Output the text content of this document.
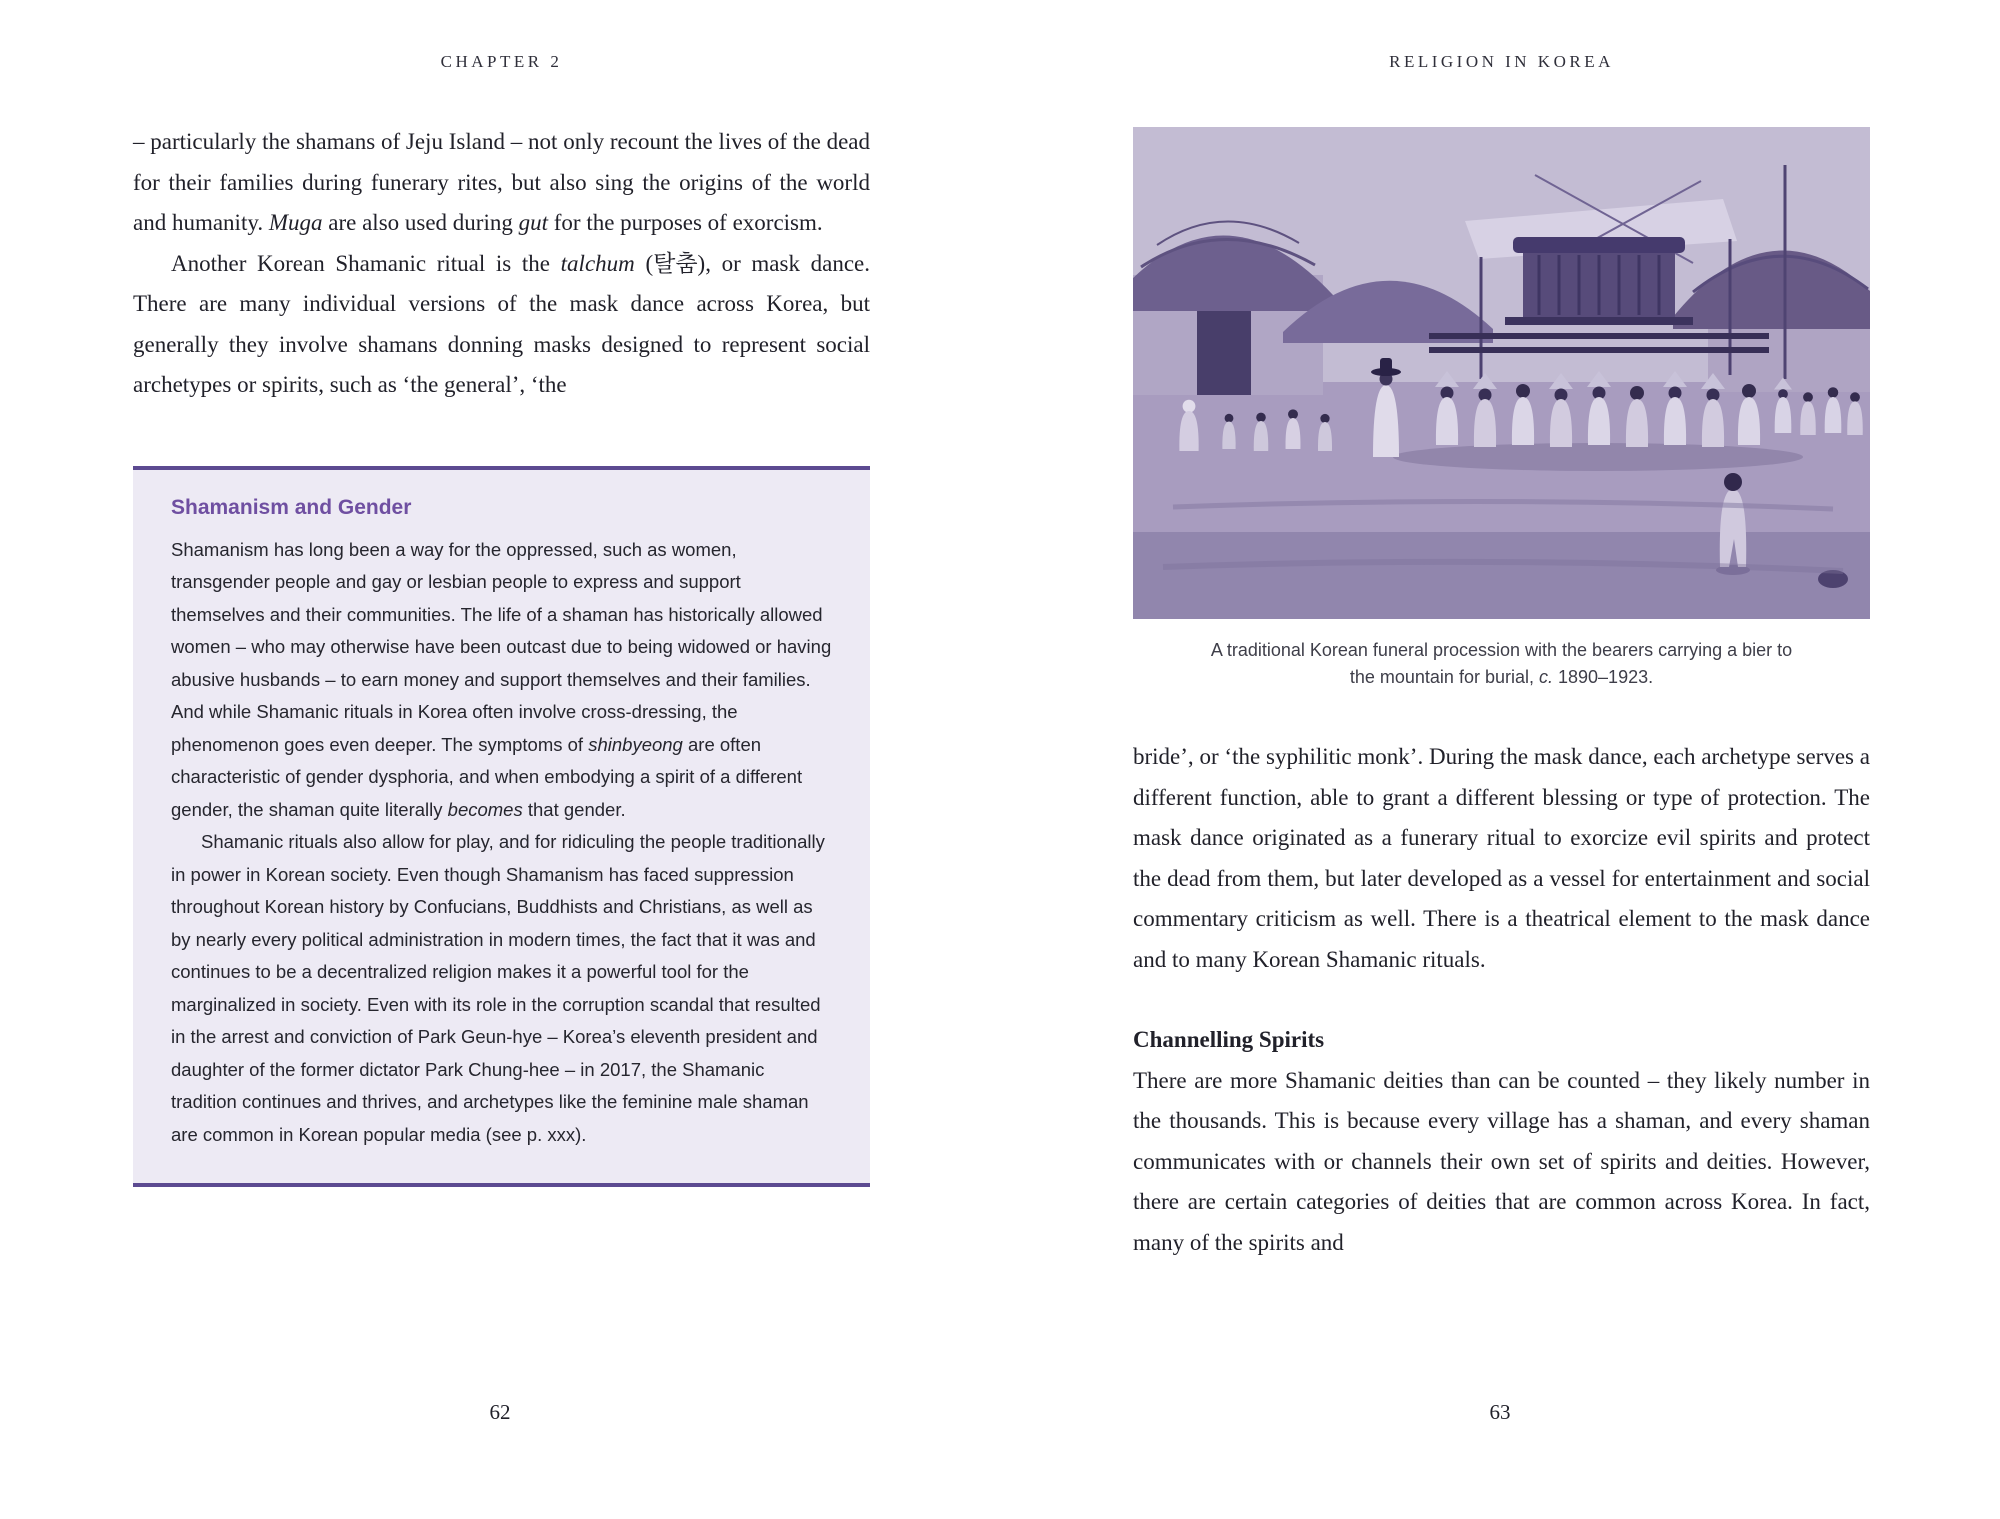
CHAPTER 2

– particularly the shamans of Jeju Island – not only recount the lives of the dead for their families during funerary rites, but also sing the origins of the world and humanity. Muga are also used during gut for the purposes of exorcism.

Another Korean Shamanic ritual is the talchum (탈춤), or mask dance. There are many individual versions of the mask dance across Korea, but generally they involve shamans donning masks designed to represent social archetypes or spirits, such as ‘the general’, ‘the

Shamanism and Gender

Shamanism has long been a way for the oppressed, such as women, transgender people and gay or lesbian people to express and support themselves and their communities. The life of a shaman has historically allowed women – who may otherwise have been outcast due to being widowed or having abusive husbands – to earn money and support themselves and their families. And while Shamanic rituals in Korea often involve cross-dressing, the phenomenon goes even deeper. The symptoms of shinbyeong are often characteristic of gender dysphoria, and when embodying a spirit of a different gender, the shaman quite literally becomes that gender.

Shamanic rituals also allow for play, and for ridiculing the people traditionally in power in Korean society. Even though Shamanism has faced suppression throughout Korean history by Confucians, Buddhists and Christians, as well as by nearly every political administration in modern times, the fact that it was and continues to be a decentralized religion makes it a powerful tool for the marginalized in society. Even with its role in the corruption scandal that resulted in the arrest and conviction of Park Geun-hye – Korea’s eleventh president and daughter of the former dictator Park Chung-hee – in 2017, the Shamanic tradition continues and thrives, and archetypes like the feminine male shaman are common in Korean popular media (see p. xxx).

62
RELIGION IN KOREA
A traditional Korean funeral procession with the bearers carrying a bier to the mountain for burial, c. 1890–1923.

bride’, or ‘the syphilitic monk’. During the mask dance, each archetype serves a different function, able to grant a different blessing or type of protection. The mask dance originated as a funerary ritual to exorcize evil spirits and protect the dead from them, but later developed as a vessel for entertainment and social commentary criticism as well. There is a theatrical element to the mask dance and to many Korean Shamanic rituals.

Channelling Spirits

There are more Shamanic deities than can be counted – they likely number in the thousands. This is because every village has a shaman, and every shaman communicates with or channels their own set of spirits and deities. However, there are certain categories of deities that are common across Korea. In fact, many of the spirits and

63
